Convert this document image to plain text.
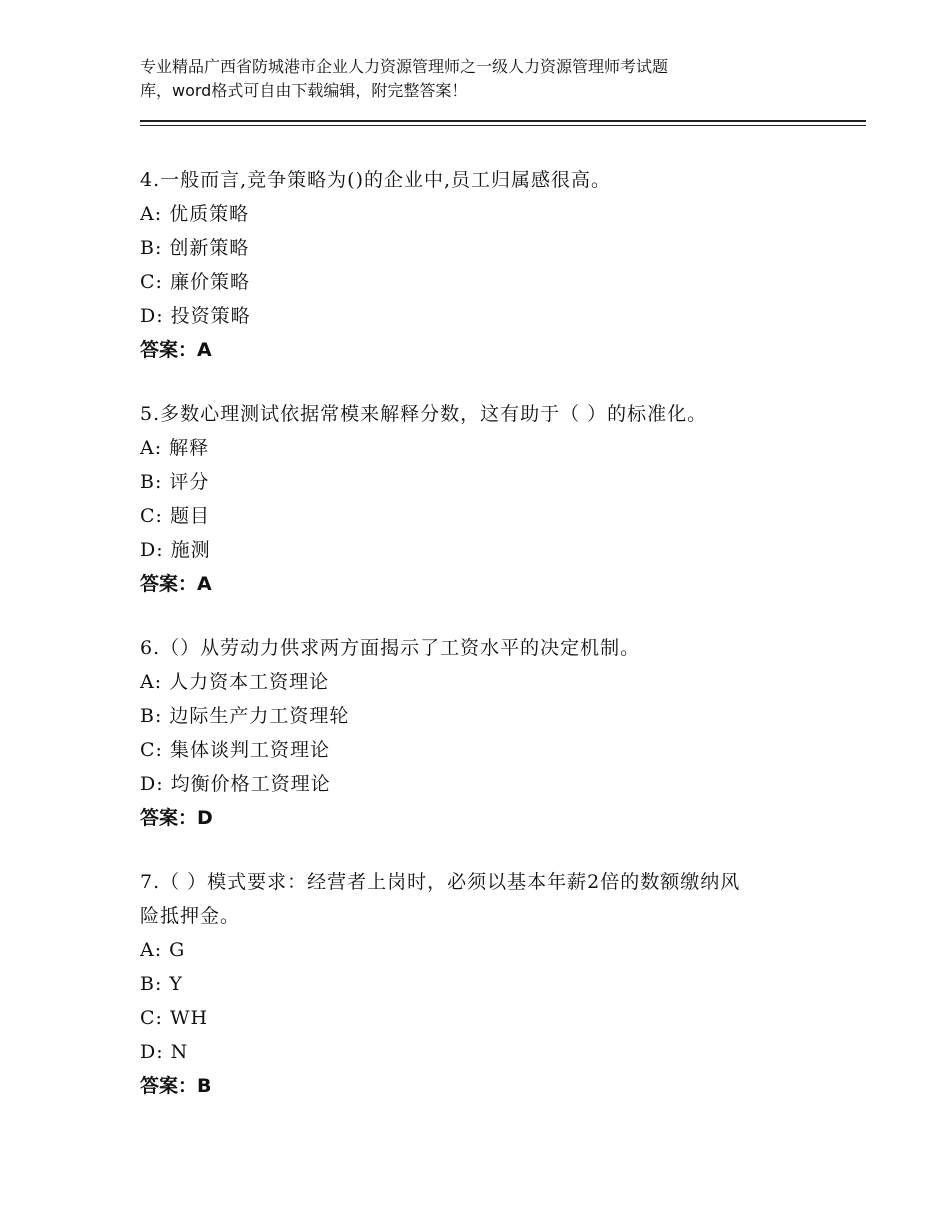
专业精品广西省防城港市企业人力资源管理师之一级人力资源管理师考试题
库，word格式可自由下载编辑，附完整答案！
4.一般而言,竞争策略为()的企业中,员工归属感很高。
A: 优质策略
B: 创新策略
C: 廉价策略
D: 投资策略
答案：A
5.多数心理测试依据常模来解释分数，这有助于（ ）的标准化。
A: 解释
B: 评分
C: 题目
D: 施测
答案：A
6.（）从劳动力供求两方面揭示了工资水平的决定机制。
A: 人力资本工资理论
B: 边际生产力工资理轮
C: 集体谈判工资理论
D: 均衡价格工资理论
答案：D
7.（ ）模式要求：经营者上岗时，必须以基本年薪2倍的数额缴纳风
险抵押金。
A: G
B: Y
C: WH
D: N
答案：B
